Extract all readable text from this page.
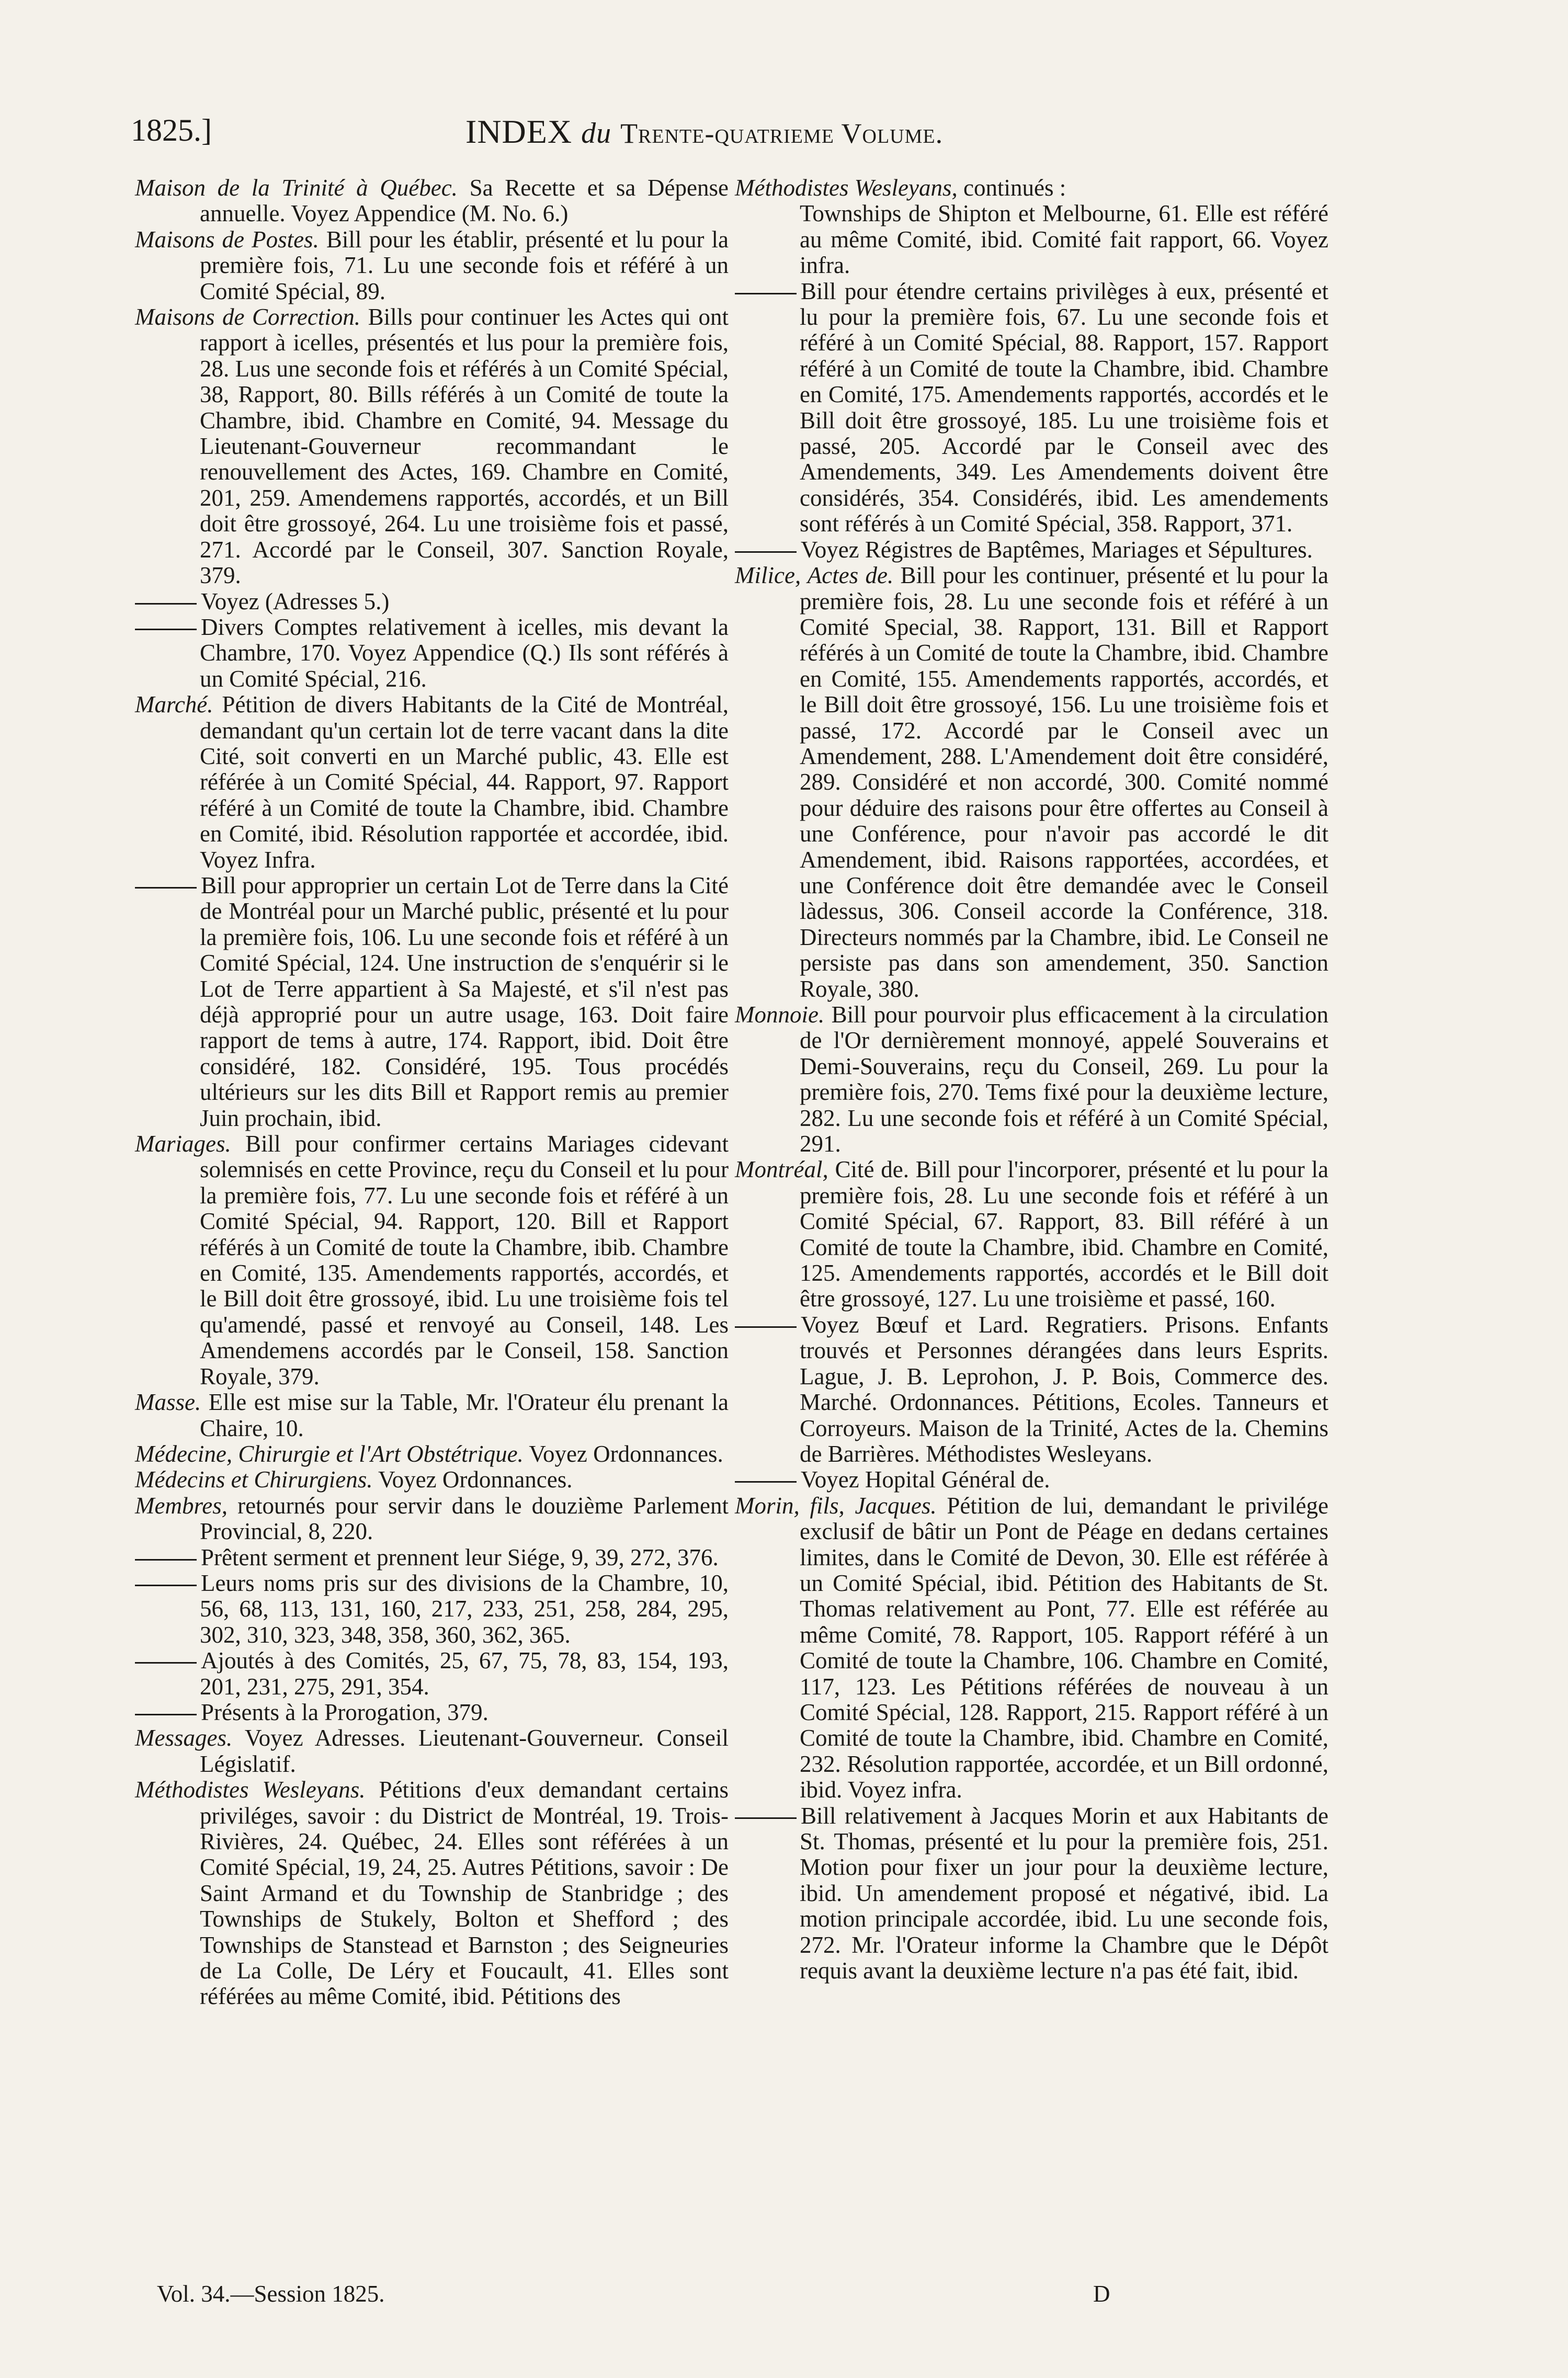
1825.]	INDEX du Trente-quatrieme Volume.

Maison de la Trinité à Québec. Sa Recette et sa Dépense annuelle. Voyez Appendice (M. No. 6.)

Maisons de Postes. Bill pour les établir, présenté et lu pour la première fois, 71. Lu une seconde fois et référé à un Comité Spécial, 89.

Maisons de Correction. Bills pour continuer les Actes qui ont rapport à icelles, présentés et lus pour la première fois, 28. Lus une seconde fois et référés à un Comité Spécial, 38, Rapport, 80. Bills référés à un Comité de toute la Chambre, ibid. Chambre en Comité, 94. Message du Lieutenant-Gouverneur recommandant le renouvellement des Actes, 169. Chambre en Comité, 201, 259. Amendemens rapportés, accordés, et un Bill doit être grossoyé, 264. Lu une troisième fois et passé, 271. Accordé par le Conseil, 307. Sanction Royale, 379.

Voyez (Adresses 5.)

Divers Comptes relativement à icelles, mis devant la Chambre, 170. Voyez Appendice (Q.) Ils sont référés à un Comité Spécial, 216.

Marché. Pétition de divers Habitants de la Cité de Montréal, demandant qu'un certain lot de terre vacant dans la dite Cité, soit converti en un Marché public, 43. Elle est référée à un Comité Spécial, 44. Rapport, 97. Rapport référé à un Comité de toute la Chambre, ibid. Chambre en Comité, ibid. Résolution rapportée et accordée, ibid. Voyez Infra.

Bill pour approprier un certain Lot de Terre dans la Cité de Montréal pour un Marché public, présenté et lu pour la première fois, 106. Lu une seconde fois et référé à un Comité Spécial, 124. Une instruction de s'enquérir si le Lot de Terre appartient à Sa Majesté, et s'il n'est pas déjà approprié pour un autre usage, 163. Doit faire rapport de tems à autre, 174. Rapport, ibid. Doit être considéré, 182. Considéré, 195. Tous procédés ultérieurs sur les dits Bill et Rapport remis au premier Juin prochain, ibid.

Mariages. Bill pour confirmer certains Mariages cidevant solemnisés en cette Province, reçu du Conseil et lu pour la première fois, 77. Lu une seconde fois et référé à un Comité Spécial, 94. Rapport, 120. Bill et Rapport référés à un Comité de toute la Chambre, ibib. Chambre en Comité, 135. Amendements rapportés, accordés, et le Bill doit être grossoyé, ibid. Lu une troisième fois tel qu'amendé, passé et renvoyé au Conseil, 148. Les Amendemens accordés par le Conseil, 158. Sanction Royale, 379.

Masse. Elle est mise sur la Table, Mr. l'Orateur élu prenant la Chaire, 10.

Médecine, Chirurgie et l'Art Obstétrique. Voyez Ordonnances.

Médecins et Chirurgiens. Voyez Ordonnances.

Membres, retournés pour servir dans le douzième Parlement Provincial, 8, 220.

Prêtent serment et prennent leur Siége, 9, 39, 272, 376.

Leurs noms pris sur des divisions de la Chambre, 10, 56, 68, 113, 131, 160, 217, 233, 251, 258, 284, 295, 302, 310, 323, 348, 358, 360, 362, 365.

Ajoutés à des Comités, 25, 67, 75, 78, 83, 154, 193, 201, 231, 275, 291, 354.

Présents à la Prorogation, 379.

Messages. Voyez Adresses. Lieutenant-Gouverneur. Conseil Législatif.

Méthodistes Wesleyans. Pétitions d'eux demandant certains priviléges, savoir : du District de Montréal, 19. Trois-Rivières, 24. Québec, 24. Elles sont référées à un Comité Spécial, 19, 24, 25. Autres Pétitions, savoir : De Saint Armand et du Township de Stanbridge ; des Townships de Stukely, Bolton et Shefford ; des Townships de Stanstead et Barnston ; des Seigneuries de La Colle, De Léry et Foucault, 41. Elles sont référées au même Comité, ibid. Pétitions des

Méthodistes Wesleyans, continués :

Townships de Shipton et Melbourne, 61. Elle est référé au même Comité, ibid. Comité fait rapport, 66. Voyez infra.

Bill pour étendre certains privilèges à eux, présenté et lu pour la première fois, 67. Lu une seconde fois et référé à un Comité Spécial, 88. Rapport, 157. Rapport référé à un Comité de toute la Chambre, ibid. Chambre en Comité, 175. Amendements rapportés, accordés et le Bill doit être grossoyé, 185. Lu une troisième fois et passé, 205. Accordé par le Conseil avec des Amendements, 349. Les Amendements doivent être considérés, 354. Considérés, ibid. Les amendements sont référés à un Comité Spécial, 358. Rapport, 371.

Voyez Régistres de Baptêmes, Mariages et Sépultures.

Milice, Actes de. Bill pour les continuer, présenté et lu pour la première fois, 28. Lu une seconde fois et référé à un Comité Special, 38. Rapport, 131. Bill et Rapport référés à un Comité de toute la Chambre, ibid. Chambre en Comité, 155. Amendements rapportés, accordés, et le Bill doit être grossoyé, 156. Lu une troisième fois et passé, 172. Accordé par le Conseil avec un Amendement, 288. L'Amendement doit être considéré, 289. Considéré et non accordé, 300. Comité nommé pour déduire des raisons pour être offertes au Conseil à une Conférence, pour n'avoir pas accordé le dit Amendement, ibid. Raisons rapportées, accordées, et une Conférence doit être demandée avec le Conseil làdessus, 306. Conseil accorde la Conférence, 318. Directeurs nommés par la Chambre, ibid. Le Conseil ne persiste pas dans son amendement, 350. Sanction Royale, 380.

Monnoie. Bill pour pourvoir plus efficacement à la circulation de l'Or dernièrement monnoyé, appelé Souverains et Demi-Souverains, reçu du Conseil, 269. Lu pour la première fois, 270. Tems fixé pour la deuxième lecture, 282. Lu une seconde fois et référé à un Comité Spécial, 291.

Montréal, Cité de. Bill pour l'incorporer, présenté et lu pour la première fois, 28. Lu une seconde fois et référé à un Comité Spécial, 67. Rapport, 83. Bill référé à un Comité de toute la Chambre, ibid. Chambre en Comité, 125. Amendements rapportés, accordés et le Bill doit être grossoyé, 127. Lu une troisième et passé, 160.

Voyez Bœuf et Lard. Regratiers. Prisons. Enfants trouvés et Personnes dérangées dans leurs Esprits. Lague, J. B. Leprohon, J. P. Bois, Commerce des. Marché. Ordonnances. Pétitions, Ecoles. Tanneurs et Corroyeurs. Maison de la Trinité, Actes de la. Chemins de Barrières. Méthodistes Wesleyans.

Voyez Hopital Général de.

Morin, fils, Jacques. Pétition de lui, demandant le privilége exclusif de bâtir un Pont de Péage en dedans certaines limites, dans le Comité de Devon, 30. Elle est référée à un Comité Spécial, ibid. Pétition des Habitants de St. Thomas relativement au Pont, 77. Elle est référée au même Comité, 78. Rapport, 105. Rapport référé à un Comité de toute la Chambre, 106. Chambre en Comité, 117, 123. Les Pétitions référées de nouveau à un Comité Spécial, 128. Rapport, 215. Rapport référé à un Comité de toute la Chambre, ibid. Chambre en Comité, 232. Résolution rapportée, accordée, et un Bill ordonné, ibid. Voyez infra.

Bill relativement à Jacques Morin et aux Habitants de St. Thomas, présenté et lu pour la première fois, 251. Motion pour fixer un jour pour la deuxième lecture, ibid. Un amendement proposé et négativé, ibid. La motion principale accordée, ibid. Lu une seconde fois, 272. Mr. l'Orateur informe la Chambre que le Dépôt requis avant la deuxième lecture n'a pas été fait, ibid.

Vol. 34.—Session 1825.	D
